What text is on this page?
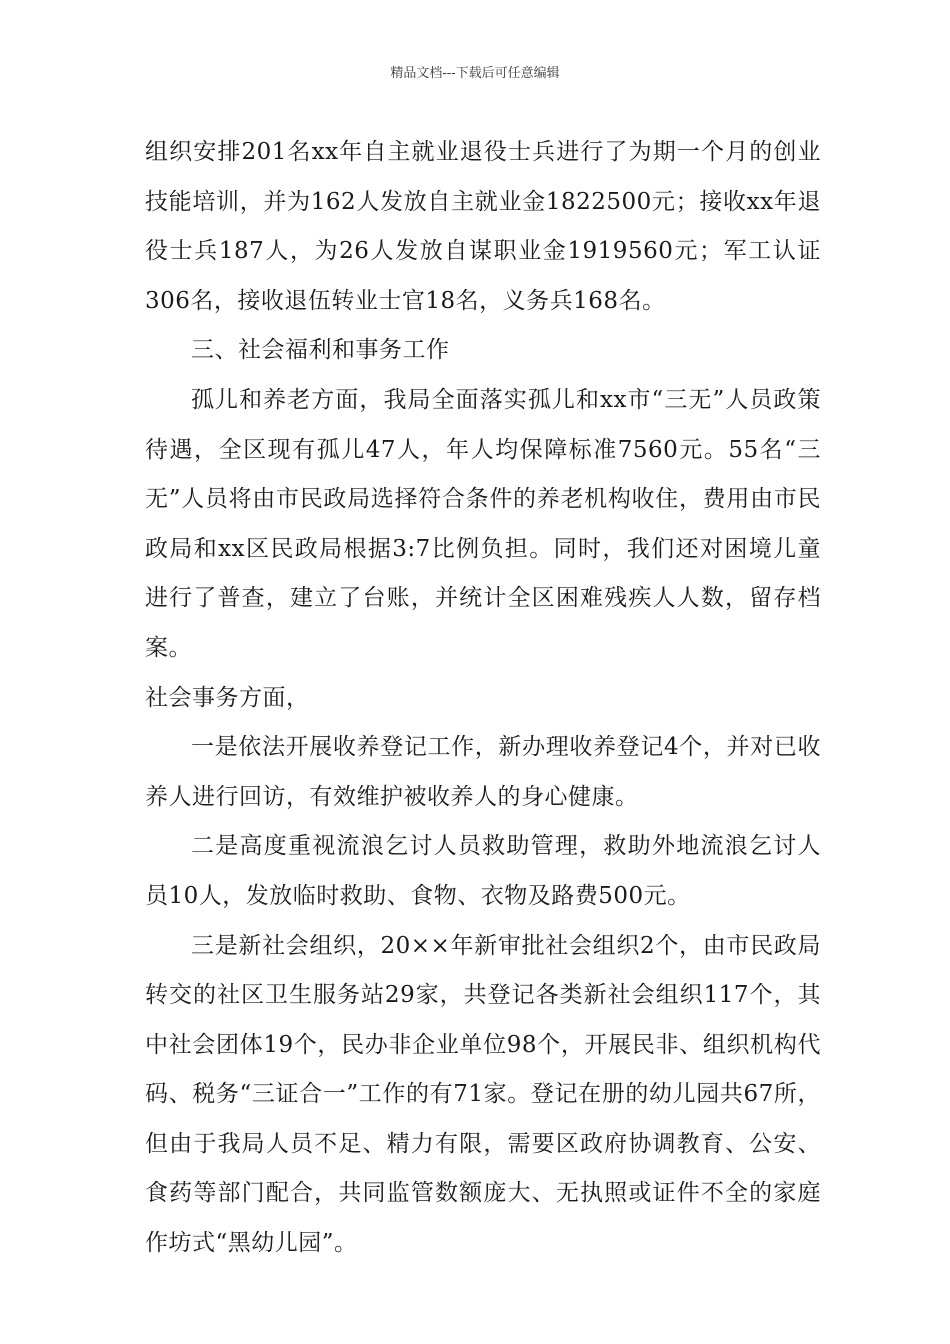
精品文档---下载后可任意编辑

组织安排201名xx年自主就业退役士兵进行了为期一个月的创业技能培训，并为162人发放自主就业金1822500元；接收xx年退役士兵187人，为26人发放自谋职业金1919560元；军工认证306名，接收退伍转业士官18名，义务兵168名。

三、社会福利和事务工作

孤儿和养老方面，我局全面落实孤儿和xx市“三无”人员政策待遇，全区现有孤儿47人，年人均保障标准7560元。55名“三无”人员将由市民政局选择符合条件的养老机构收住，费用由市民政局和xx区民政局根据3:7比例负担。同时，我们还对困境儿童进行了普查，建立了台账，并统计全区困难残疾人人数，留存档案。

社会事务方面，

一是依法开展收养登记工作，新办理收养登记4个，并对已收养人进行回访，有效维护被收养人的身心健康。

二是高度重视流浪乞讨人员救助管理，救助外地流浪乞讨人员10人，发放临时救助、食物、衣物及路费500元。

三是新社会组织，20××年新审批社会组织2个，由市民政局转交的社区卫生服务站29家，共登记各类新社会组织117个，其中社会团体19个，民办非企业单位98个，开展民非、组织机构代码、税务“三证合一”工作的有71家。登记在册的幼儿园共67所，但由于我局人员不足、精力有限，需要区政府协调教育、公安、食药等部门配合，共同监管数额庞大、无执照或证件不全的家庭作坊式“黑幼儿园”。
